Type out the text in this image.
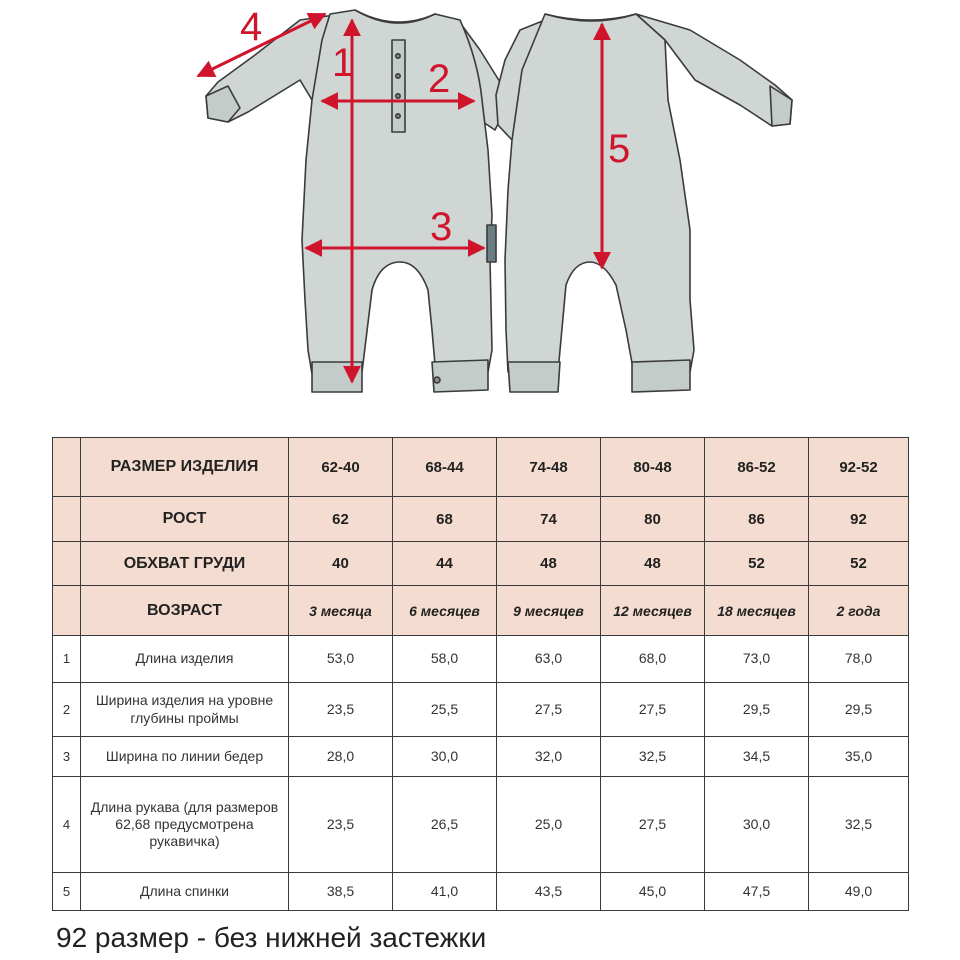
1 2
3
4
5
	РАЗМЕР ИЗДЕЛИЯ	62-40	68-44	74-48	80-48	86-52	92-52
	РОСТ	62	68	74	80	86	92
	ОБХВАТ ГРУДИ	40	44	48	48	52	52
	ВОЗРАСТ	3 месяца	6 месяцев	9 месяцев	12 месяцев	18 месяцев	2 года
1	Длина изделия	53,0	58,0	63,0	68,0	73,0	78,0
2	Ширина изделия на уровне глубины проймы	23,5	25,5	27,5	27,5	29,5	29,5
3	Ширина по линии бедер	28,0	30,0	32,0	32,5	34,5	35,0
4	Длина рукава (для размеров 62,68 предусмотрена рукавичка)	23,5	26,5	25,0	27,5	30,0	32,5
5	Длина спинки	38,5	41,0	43,5	45,0	47,5	49,0
92 размер - без нижней застежки
